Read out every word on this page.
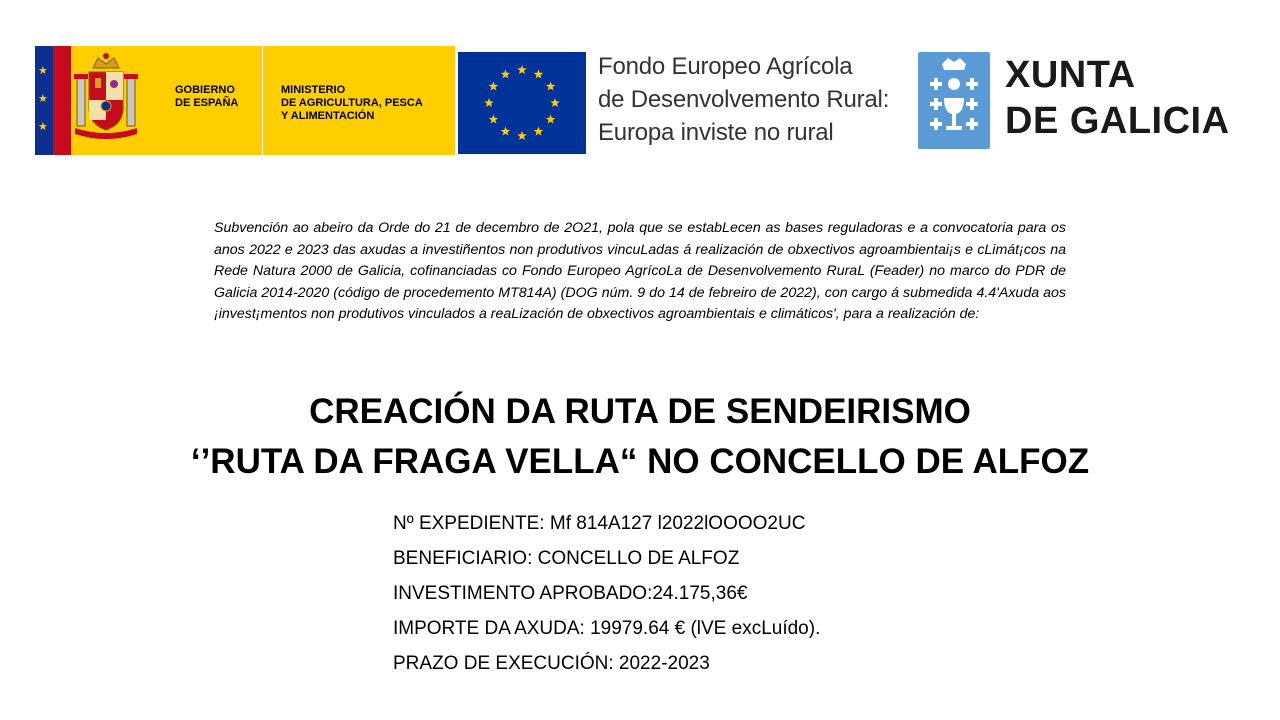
★
★
★
GOBIERNO
DE ESPAÑA
MINISTERIO
DE AGRICULTURA, PESCA
Y ALIMENTACIÓN
Fondo Europeo Agrícola
de Desenvolvemento Rural:
Europa inviste no rural
XUNTA
DE GALICIA
Subvención ao abeiro da Orde do 21 de decembro de 2O21, pola que se estabLecen as bases reguladoras e a convocatoria para os anos 2022 e 2023 das axudas a investiñentos non produtivos vincuLadas á realización de obxectivos agroambientai¡s e cLimát¡cos na Rede Natura 2000 de Galicia, cofinanciadas co Fondo Europeo AgrícoLa de Desenvolvemento RuraL (Feader) no marco do PDR de Galicia 2014-2020 (código de procedemento MT814A) (DOG núm. 9 do 14 de febreiro de 2022), con cargo á submedida 4.4'Axuda aos ¡invest¡mentos non produtivos vinculados a reaLización de obxectivos agroambientais e climáticos', para a realización de:
CREACIÓN DA RUTA DE SENDEIRISMO
‘’RUTA DA FRAGA VELLA“ NO CONCELLO DE ALFOZ
Nº EXPEDIENTE: Mf 814A127 l2022lOOOO2UC
BENEFICIARIO: CONCELLO DE ALFOZ
INVESTIMENTO APROBADO:24.175,36€
IMPORTE DA AXUDA: 19979.64 € (lVE excLuído).
PRAZO DE EXECUCIÓN: 2022-2023
